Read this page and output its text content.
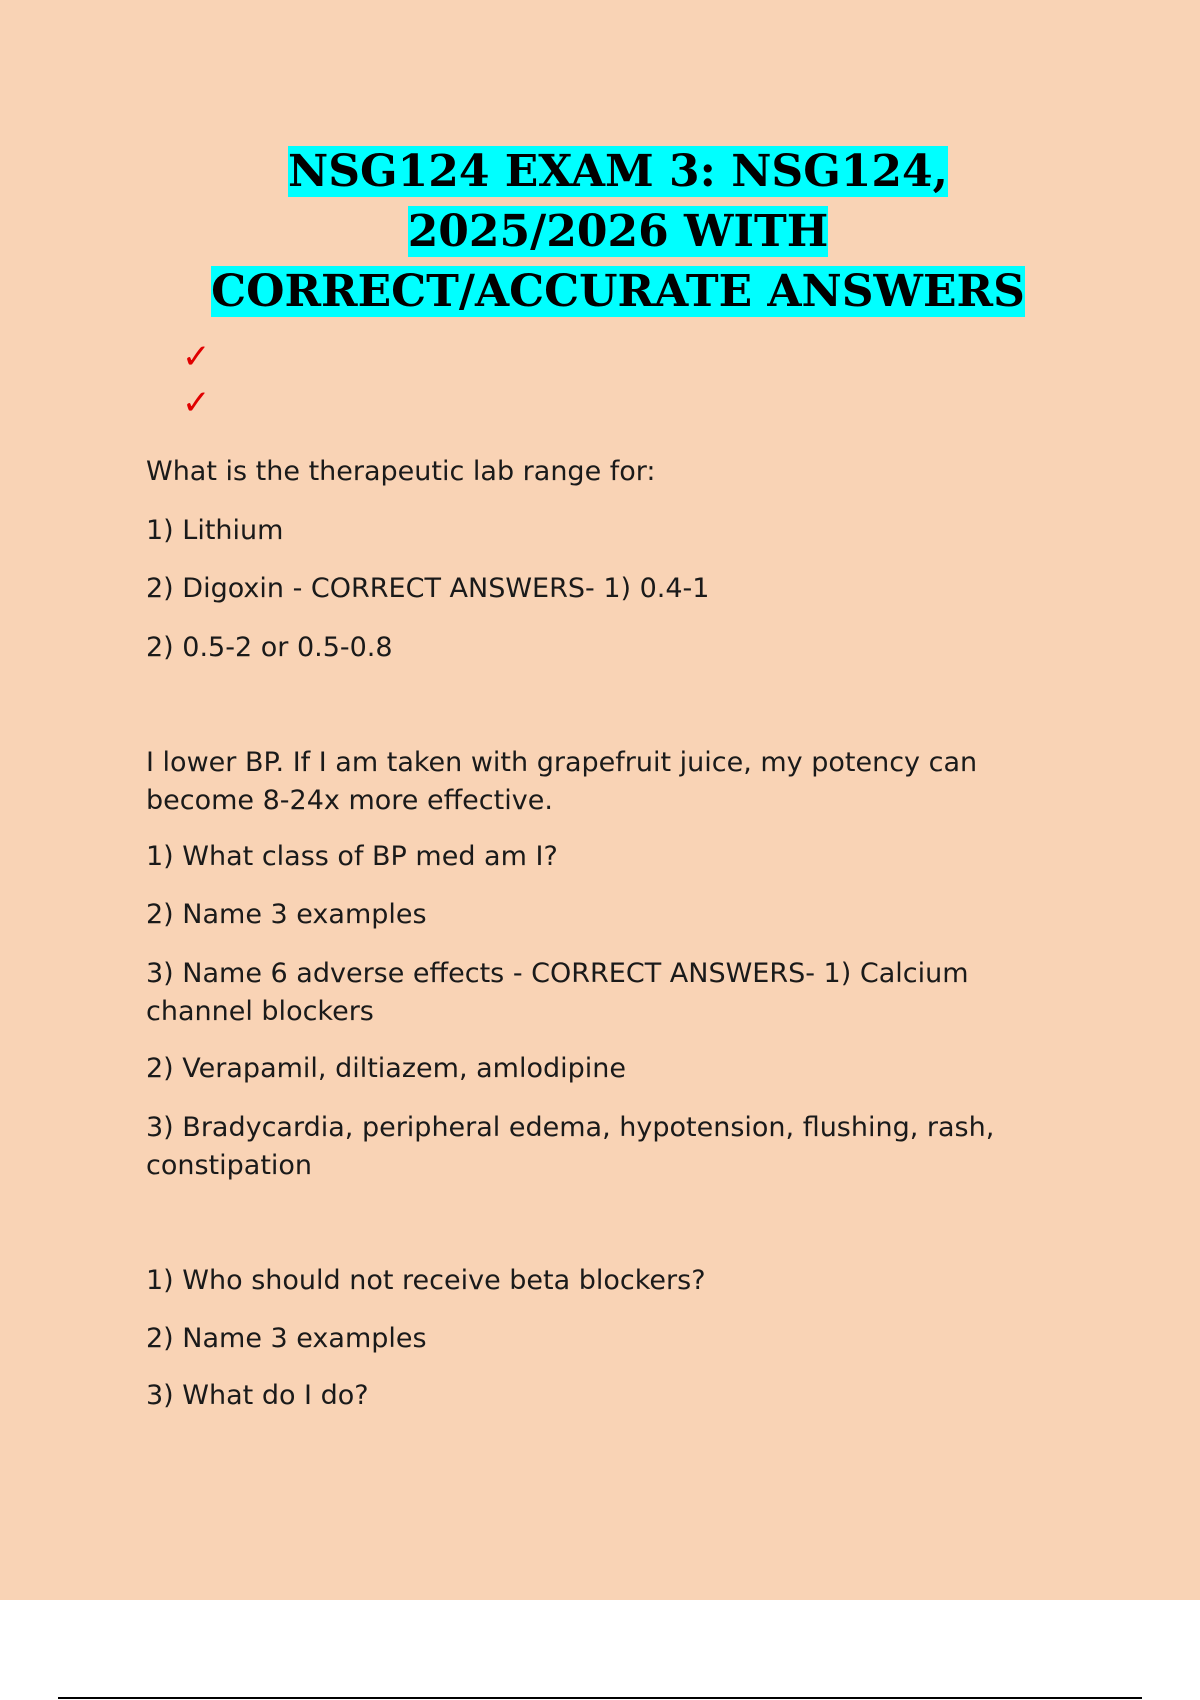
NSG124 EXAM 3: NSG124,
2025/2026 WITH
CORRECT/ACCURATE ANSWERS
✓
✓

What is the therapeutic lab range for:

1) Lithium

2) Digoxin - CORRECT ANSWERS- 1) 0.4-1

2) 0.5-2 or 0.5-0.8

I lower BP. If I am taken with grapefruit juice, my potency can become 8-24x more effective.

1) What class of BP med am I?

2) Name 3 examples

3) Name 6 adverse effects - CORRECT ANSWERS- 1) Calcium channel blockers

2) Verapamil, diltiazem, amlodipine

3) Bradycardia, peripheral edema, hypotension, flushing, rash, constipation

1) Who should not receive beta blockers?

2) Name 3 examples

3) What do I do?
